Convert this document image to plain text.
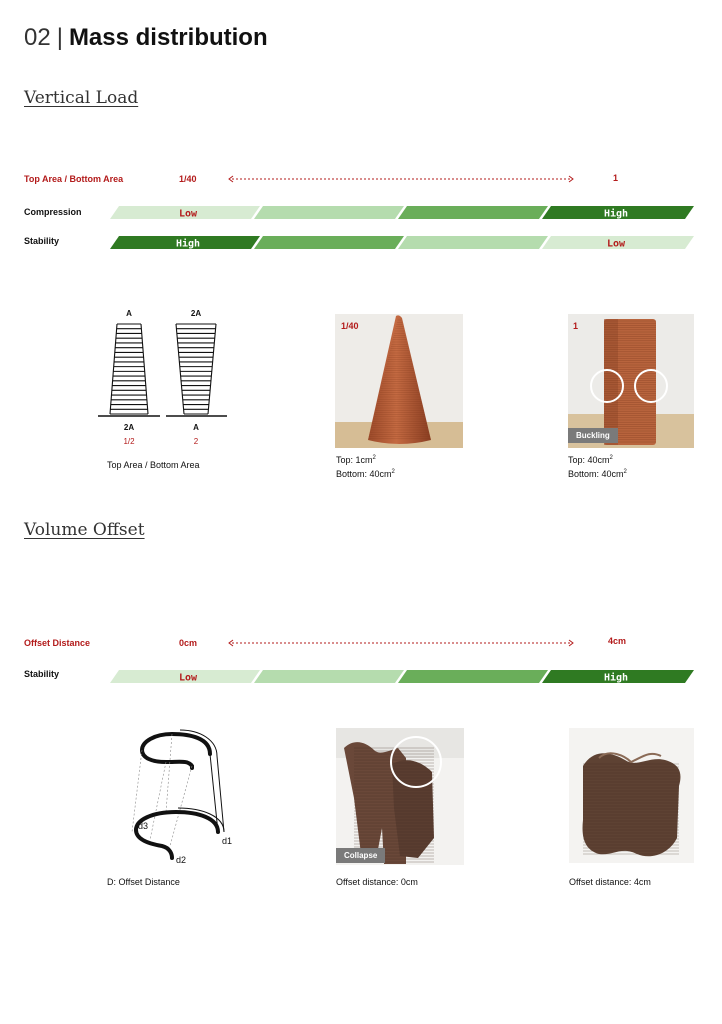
02 | Mass distribution
Vertical Load
Top Area / Bottom Area	1/40	1
Compression	Low	High
Stability	High	Low
A	2A
2A	A
1/2	2
Top Area / Bottom Area
1/40
Top: $1cm^2$
Bottom: $40cm^2$
1
Buckling
Top: $40cm^2$
Bottom: $40cm^2$
Volume Offset
Offset Distance	0cm	4cm
Stability	Low	High
d1
d2
d3
D: Offset Distance
Collapse
Offset distance: 0cm	Offset distance: 4cm
